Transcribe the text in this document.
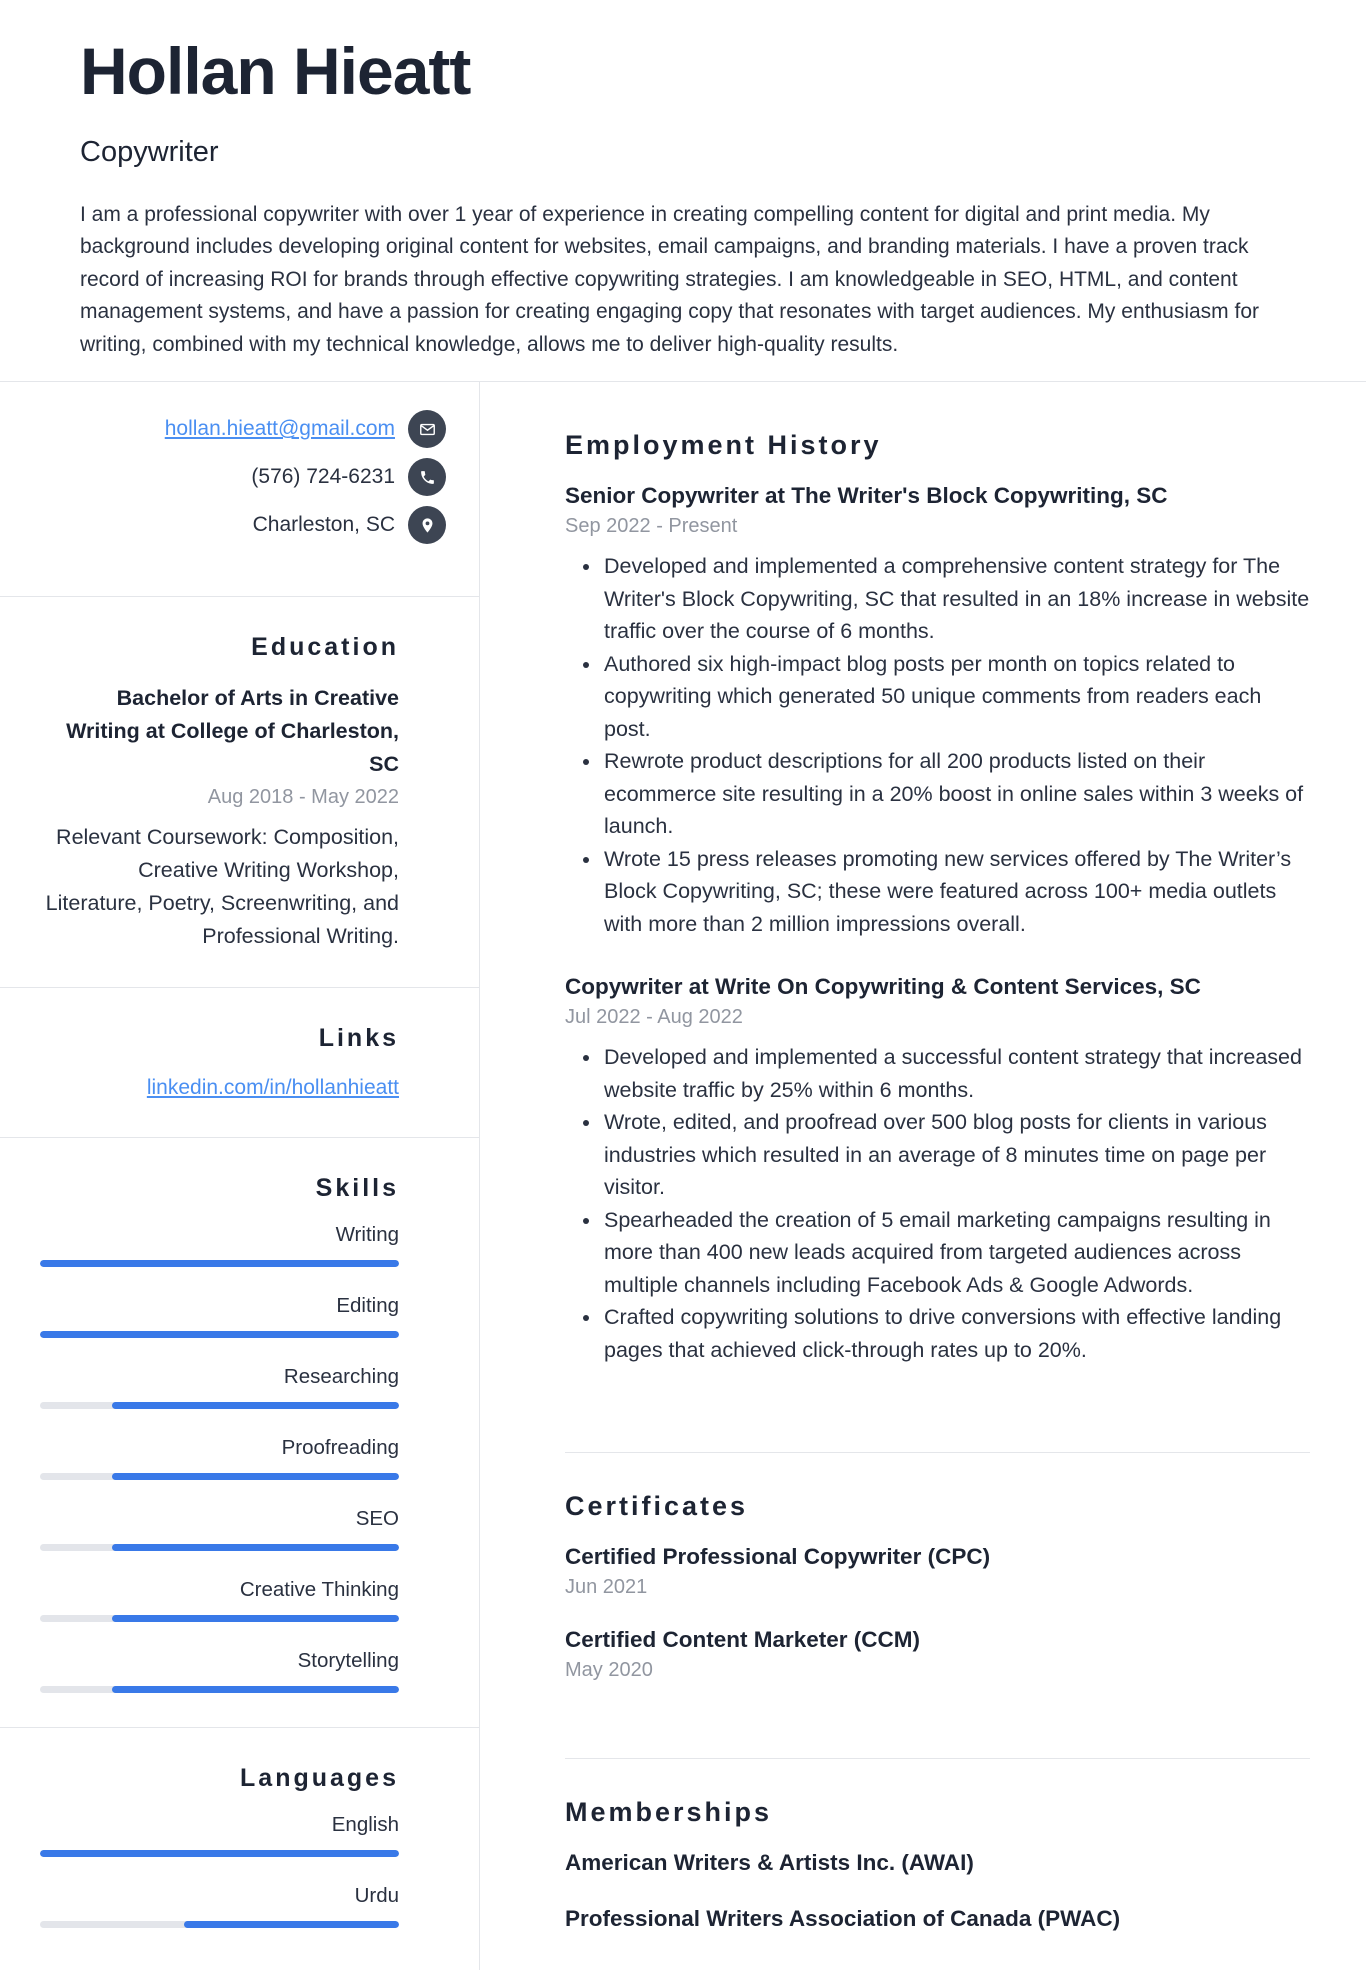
Hollan Hieatt
Copywriter
I am a professional copywriter with over 1 year of experience in creating compelling content for digital and print media. My background includes developing original content for websites, email campaigns, and branding materials. I have a proven track record of increasing ROI for brands through effective copywriting strategies. I am knowledgeable in SEO, HTML, and content management systems, and have a passion for creating engaging copy that resonates with target audiences. My enthusiasm for writing, combined with my technical knowledge, allows me to deliver high-quality results.
hollan.hieatt@gmail.com
(576) 724-6231
Charleston, SC
Education
Bachelor of Arts in Creative Writing at College of Charleston, SC
Aug 2018 - May 2022
Relevant Coursework: Composition, Creative Writing Workshop, Literature, Poetry, Screenwriting, and Professional Writing.
Links
linkedin.com/in/hollanhieatt
Skills
Writing
Editing
Researching
Proofreading
SEO
Creative Thinking
Storytelling
Languages
English
Urdu
Employment History
Senior Copywriter at The Writer's Block Copywriting, SC
Sep 2022 - Present
• Developed and implemented a comprehensive content strategy for The Writer's Block Copywriting, SC that resulted in an 18% increase in website traffic over the course of 6 months.
• Authored six high-impact blog posts per month on topics related to copywriting which generated 50 unique comments from readers each post.
• Rewrote product descriptions for all 200 products listed on their ecommerce site resulting in a 20% boost in online sales within 3 weeks of launch.
• Wrote 15 press releases promoting new services offered by The Writer’s Block Copywriting, SC; these were featured across 100+ media outlets with more than 2 million impressions overall.
Copywriter at Write On Copywriting & Content Services, SC
Jul 2022 - Aug 2022
• Developed and implemented a successful content strategy that increased website traffic by 25% within 6 months.
• Wrote, edited, and proofread over 500 blog posts for clients in various industries which resulted in an average of 8 minutes time on page per visitor.
• Spearheaded the creation of 5 email marketing campaigns resulting in more than 400 new leads acquired from targeted audiences across multiple channels including Facebook Ads & Google Adwords.
• Crafted copywriting solutions to drive conversions with effective landing pages that achieved click-through rates up to 20%.
Certificates
Certified Professional Copywriter (CPC)
Jun 2021
Certified Content Marketer (CCM)
May 2020
Memberships
American Writers & Artists Inc. (AWAI)
Professional Writers Association of Canada (PWAC)
